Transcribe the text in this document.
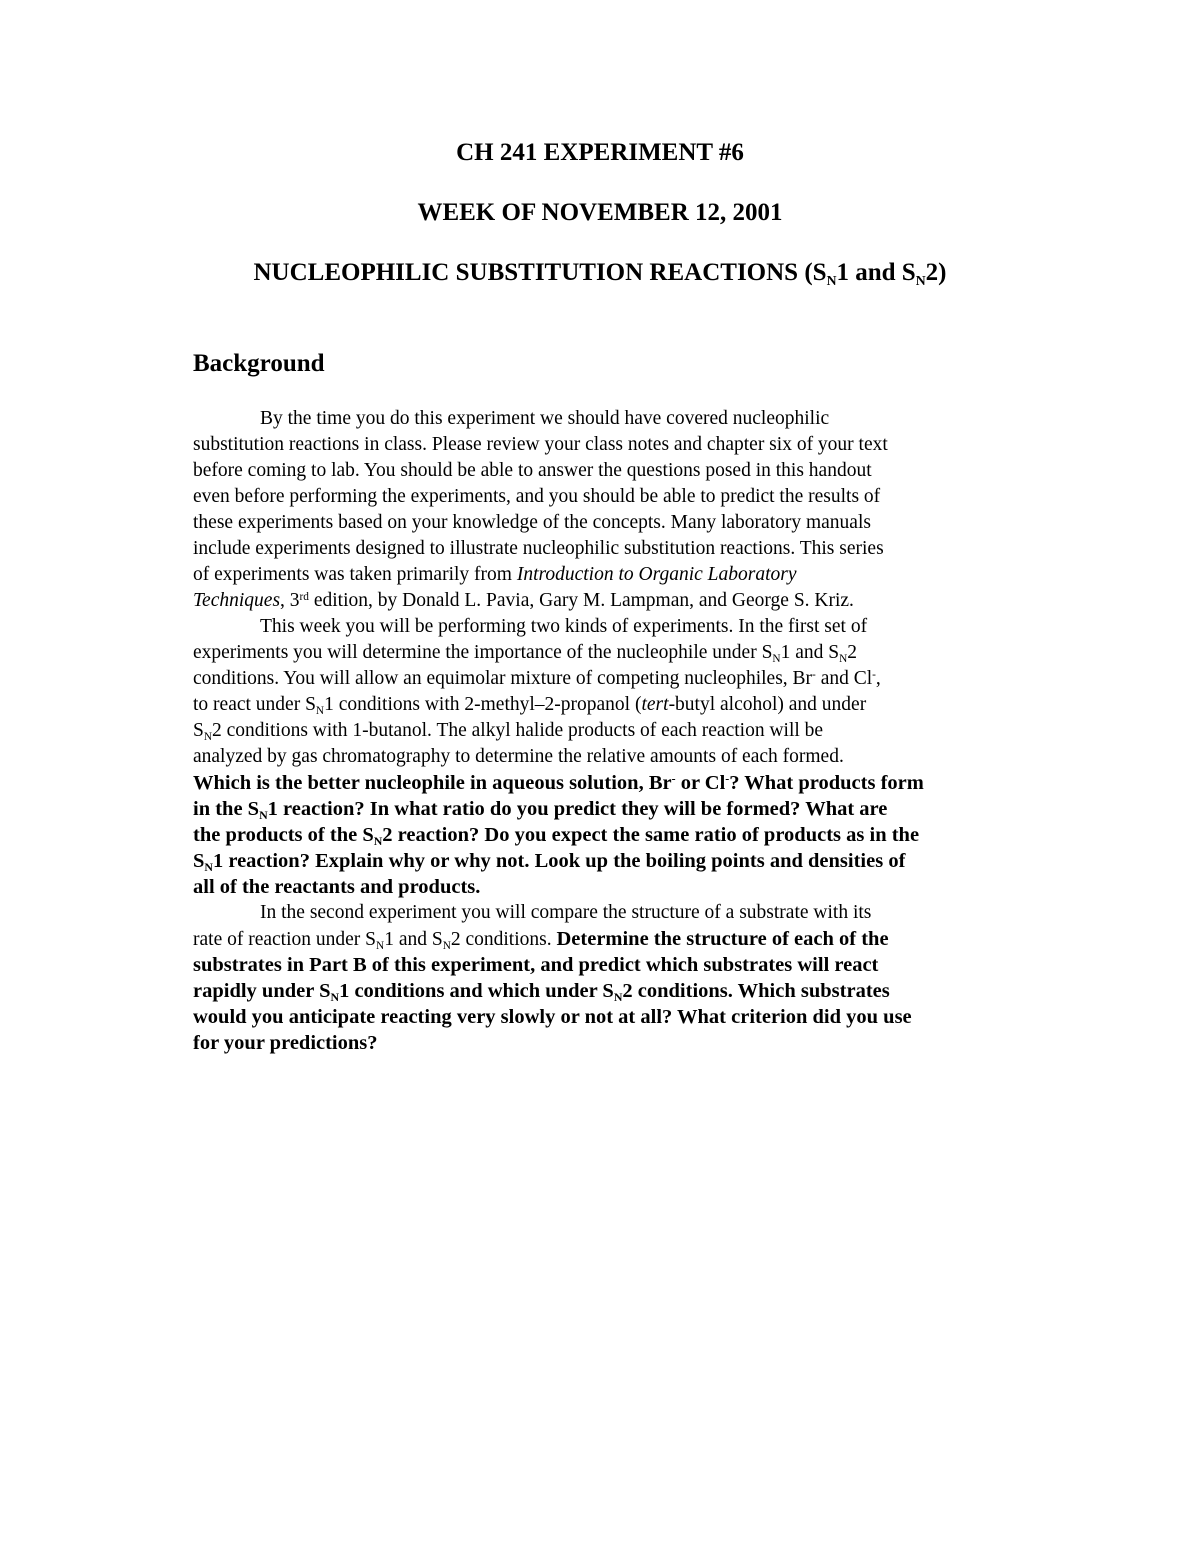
CH 241 EXPERIMENT #6
WEEK OF NOVEMBER 12, 2001
NUCLEOPHILIC SUBSTITUTION REACTIONS ($S_N1$ and $S_N2$)
Background
By the time you do this experiment we should have covered nucleophilic
substitution reactions in class. Please review your class notes and chapter six of your text
before coming to lab. You should be able to answer the questions posed in this handout
even before performing the experiments, and you should be able to predict the results of
these experiments based on your knowledge of the concepts. Many laboratory manuals
include experiments designed to illustrate nucleophilic substitution reactions. This series
of experiments was taken primarily from Introduction to Organic Laboratory
Techniques, 3rd edition, by Donald L. Pavia, Gary M. Lampman, and George S. Kriz.
This week you will be performing two kinds of experiments. In the first set of
experiments you will determine the importance of the nucleophile under $S_N1$ and $S_N2$
conditions. You will allow an equimolar mixture of competing nucleophiles, Br- and Cl-,
to react under $S_N1$ conditions with 2-methyl–2-propanol (tert-butyl alcohol) and under
$S_N2$ conditions with 1-butanol. The alkyl halide products of each reaction will be
analyzed by gas chromatography to determine the relative amounts of each formed.
Which is the better nucleophile in aqueous solution, Br- or Cl-? What products form
in the $S_N1$ reaction? In what ratio do you predict they will be formed? What are
the products of the $S_N2$ reaction? Do you expect the same ratio of products as in the
$S_N1$ reaction? Explain why or why not. Look up the boiling points and densities of
all of the reactants and products.
In the second experiment you will compare the structure of a substrate with its
rate of reaction under $S_N1$ and $S_N2$ conditions. Determine the structure of each of the
substrates in Part B of this experiment, and predict which substrates will react
rapidly under $S_N1$ conditions and which under $S_N2$ conditions. Which substrates
would you anticipate reacting very slowly or not at all? What criterion did you use
for your predictions?
